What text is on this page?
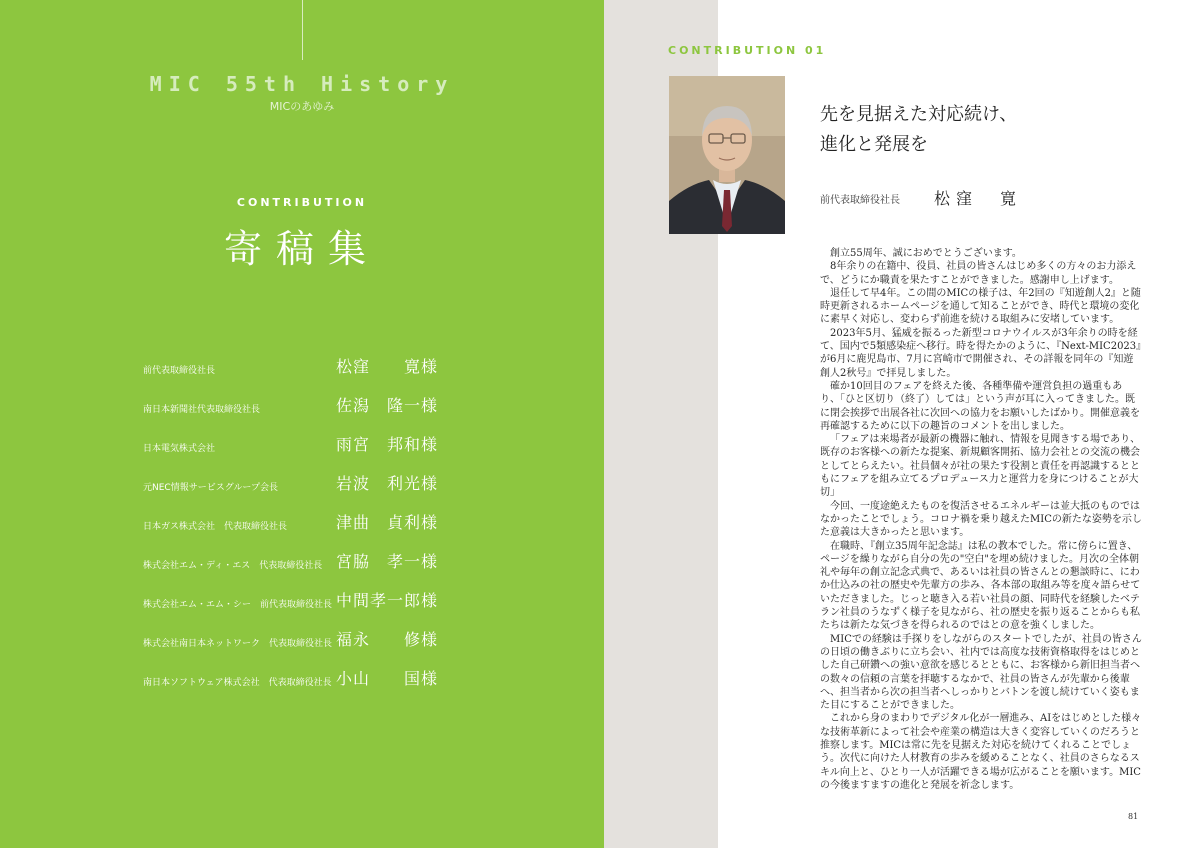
MIC 55th History
MICのあゆみ
CONTRIBUTION
寄稿集
前代表取締役社長	松窪　　寛 様
南日本新聞社代表取締役社長	佐潟　隆一 様
日本電気株式会社	雨宮　邦和 様
元NEC情報サービスグループ会長	岩波　利光 様
日本ガス株式会社　代表取締役社長	津曲　貞利 様
株式会社エム・ディ・エス　代表取締役社長 宮脇　孝一 様
株式会社エム・エム・シー　前代表取締役社長 中間孝一郎 様
株式会社南日本ネットワーク　代表取締役社長 福永　　修 様
南日本ソフトウェア株式会社　代表取締役社長 小山　　国 様
CONTRIBUTION 01
先を見据えた対応続け、
進化と発展を
前代表取締役社長 松窪　寛

創立55周年、誠におめでとうございます。

8年余りの在籍中、役員、社員の皆さんはじめ多くの方々のお力添えで、どうにか職責を果たすことができました。感謝申し上げます。

退任して早4年。この間のMICの様子は、年2回の『知遊創人2』と随時更新されるホームページを通して知ることができ、時代と環境の変化に素早く対応し、変わらず前進を続ける取組みに安堵しています。

2023年5月、猛威を振るった新型コロナウイルスが3年余りの時を経て、国内で5類感染症へ移行。時を得たかのように、『Next-MIC2023』が6月に鹿児島市、7月に宮崎市で開催され、その詳報を同年の『知遊創人2秋号』で拝見しました。

確か10回目のフェアを終えた後、各種準備や運営負担の過重もあり、「ひと区切り（終了）しては」という声が耳に入ってきました。既に閉会挨拶で出展各社に次回への協力をお願いしたばかり。開催意義を再確認するために以下の趣旨のコメントを出しました。

「フェアは来場者が最新の機器に触れ、情報を見聞きする場であり、既存のお客様への新たな提案、新規顧客開拓、協力会社との交流の機会としてとらえたい。社員個々が社の果たす役割と責任を再認識するとともにフェアを組み立てるプロデュース力と運営力を身につけることが大切」

今回、一度途絶えたものを復活させるエネルギーは並大抵のものではなかったことでしょう。コロナ禍を乗り越えたMICの新たな姿勢を示した意義は大きかったと思います。

在職時、『創立35周年記念誌』は私の教本でした。常に傍らに置き、ページを繰りながら自分の先の"空白"を埋め続けました。月次の全体朝礼や毎年の創立記念式典で、あるいは社員の皆さんとの懇談時に、にわか仕込みの社の歴史や先輩方の歩み、各本部の取組み等を度々語らせていただきました。じっと聴き入る若い社員の顔、同時代を経験したベテラン社員のうなずく様子を見ながら、社の歴史を振り返ることからも私たちは新たな気づきを得られるのではとの意を強くしました。

MICでの経験は手探りをしながらのスタートでしたが、社員の皆さんの日頃の働きぶりに立ち会い、社内では高度な技術資格取得をはじめとした自己研鑽への強い意欲を感じるとともに、お客様から新旧担当者への数々の信頼の言葉を拝聴するなかで、社員の皆さんが先輩から後輩へ、担当者から次の担当者へしっかりとバトンを渡し続けていく姿もまた目にすることができました。

これから身のまわりでデジタル化が一層進み、AIをはじめとした様々な技術革新によって社会や産業の構造は大きく変容していくのだろうと推察します。MICは常に先を見据えた対応を続けてくれることでしょう。次代に向けた人材教育の歩みを緩めることなく、社員のさらなるスキル向上と、ひとり一人が活躍できる場が広がることを願います。MICの今後ますますの進化と発展を祈念します。

81
